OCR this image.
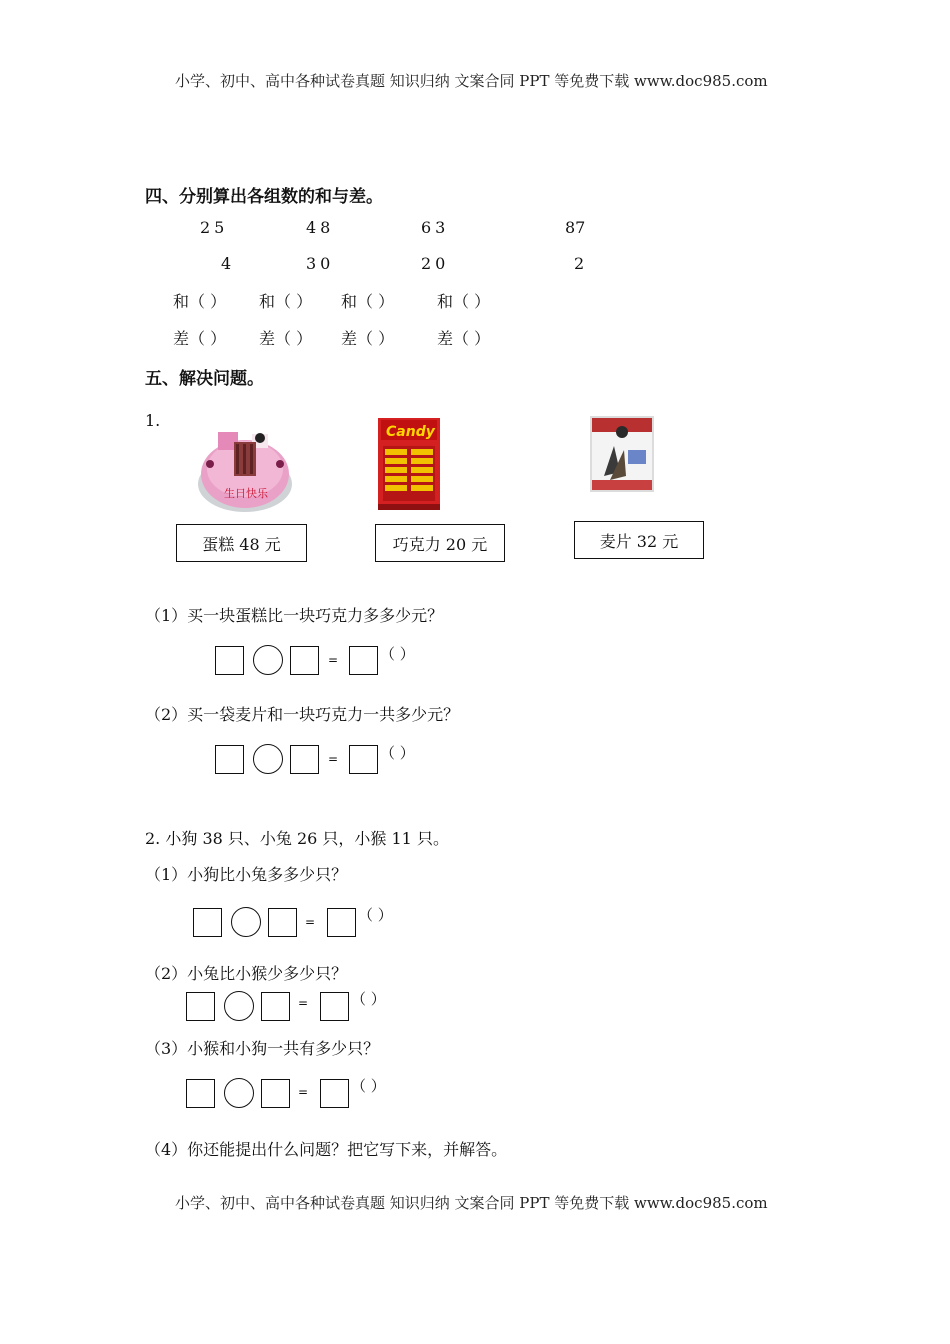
小学、初中、高中各种试卷真题 知识归纳 文案合同 PPT 等免费下载 www.doc985.com
四、分别算出各组数的和与差。
25	48	63	87
4	30	20	2
和（ ） 和（ ） 和（ ）	和（ ）
差（ ） 差（ ） 差（ ）	差（ ）
五、解决问题。
1.
生日快乐
Candy
蛋糕 48 元	巧克力 20 元	麦片 32 元
（1）买一块蛋糕比一块巧克力多多少元？
=	（ ）
（2）买一袋麦片和一块巧克力一共多少元？
=	（ ）
2. 小狗 38 只、小兔 26 只，小猴 11 只。
（1）小狗比小兔多多少只？
=	（ ）
（2）小兔比小猴少多少只？
=	（ ）
（3）小猴和小狗一共有多少只？
=	（ ）
（4）你还能提出什么问题？把它写下来，并解答。
小学、初中、高中各种试卷真题 知识归纳 文案合同 PPT 等免费下载 www.doc985.com
